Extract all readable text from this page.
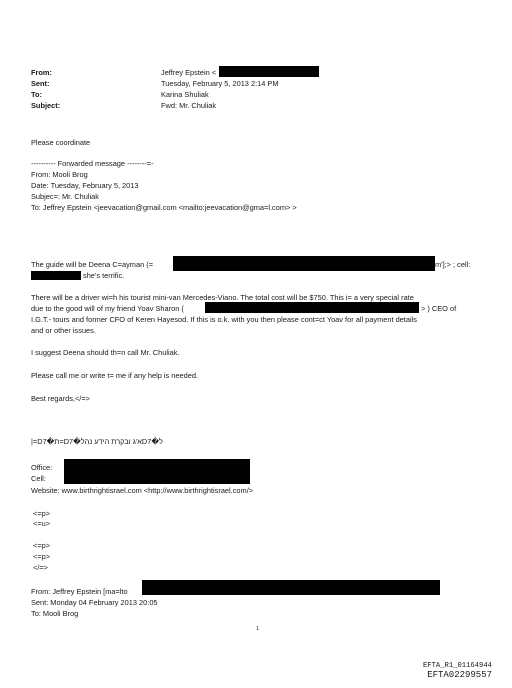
From:
Sent:
To:
Subject:
Jeffrey Epstein <
Tuesday, February 5, 2013 2:14 PM
Karina Shuliak
Fwd: Mr. Chuliak
Please coordinate
---------- Forwarded message --------=-
From: Mooli Brog
Date: Tuesday, February 5, 2013
Subjec=: Mr. Chuliak
To: Jeffrey Epstein <jeevacation@gmail.com <mailto:jeevacation@gma=l.com> >
The guide will be Deena C=ayman (=	m'];> ; cell:
she's terrific.
There will be a driver wi=h his tourist mini-van Mercedes-Viano. The total cost will be $750. This i= a very special rate
due to the good will of my friend Yoav Sharon (	> ) CEO of
I.G.T.- tours and former CFO of Keren Hayesod. If this is o.k. with you then please cont=ct Yoav for all payment details
and or other issues.
I suggest Deena should th=n call Mr. Chuliak.
Please call me or write t= me if any help is needed.
Best regards,</=>
|=D7�ת=D7�א'ג ובקרת הידע נהלD7�ל
Office:
Cell:
Website: www.birthrightisrael.com <http://www.birthrightisrael.com/>
<=p>
<=u>
<=p>
<=p>
</=>
From: Jeffrey Epstein [ma=lto
Sent: Monday 04 February 2013 20:05
To: Mooli Brog
1
EFTA_R1_01164944
EFTA02299557
